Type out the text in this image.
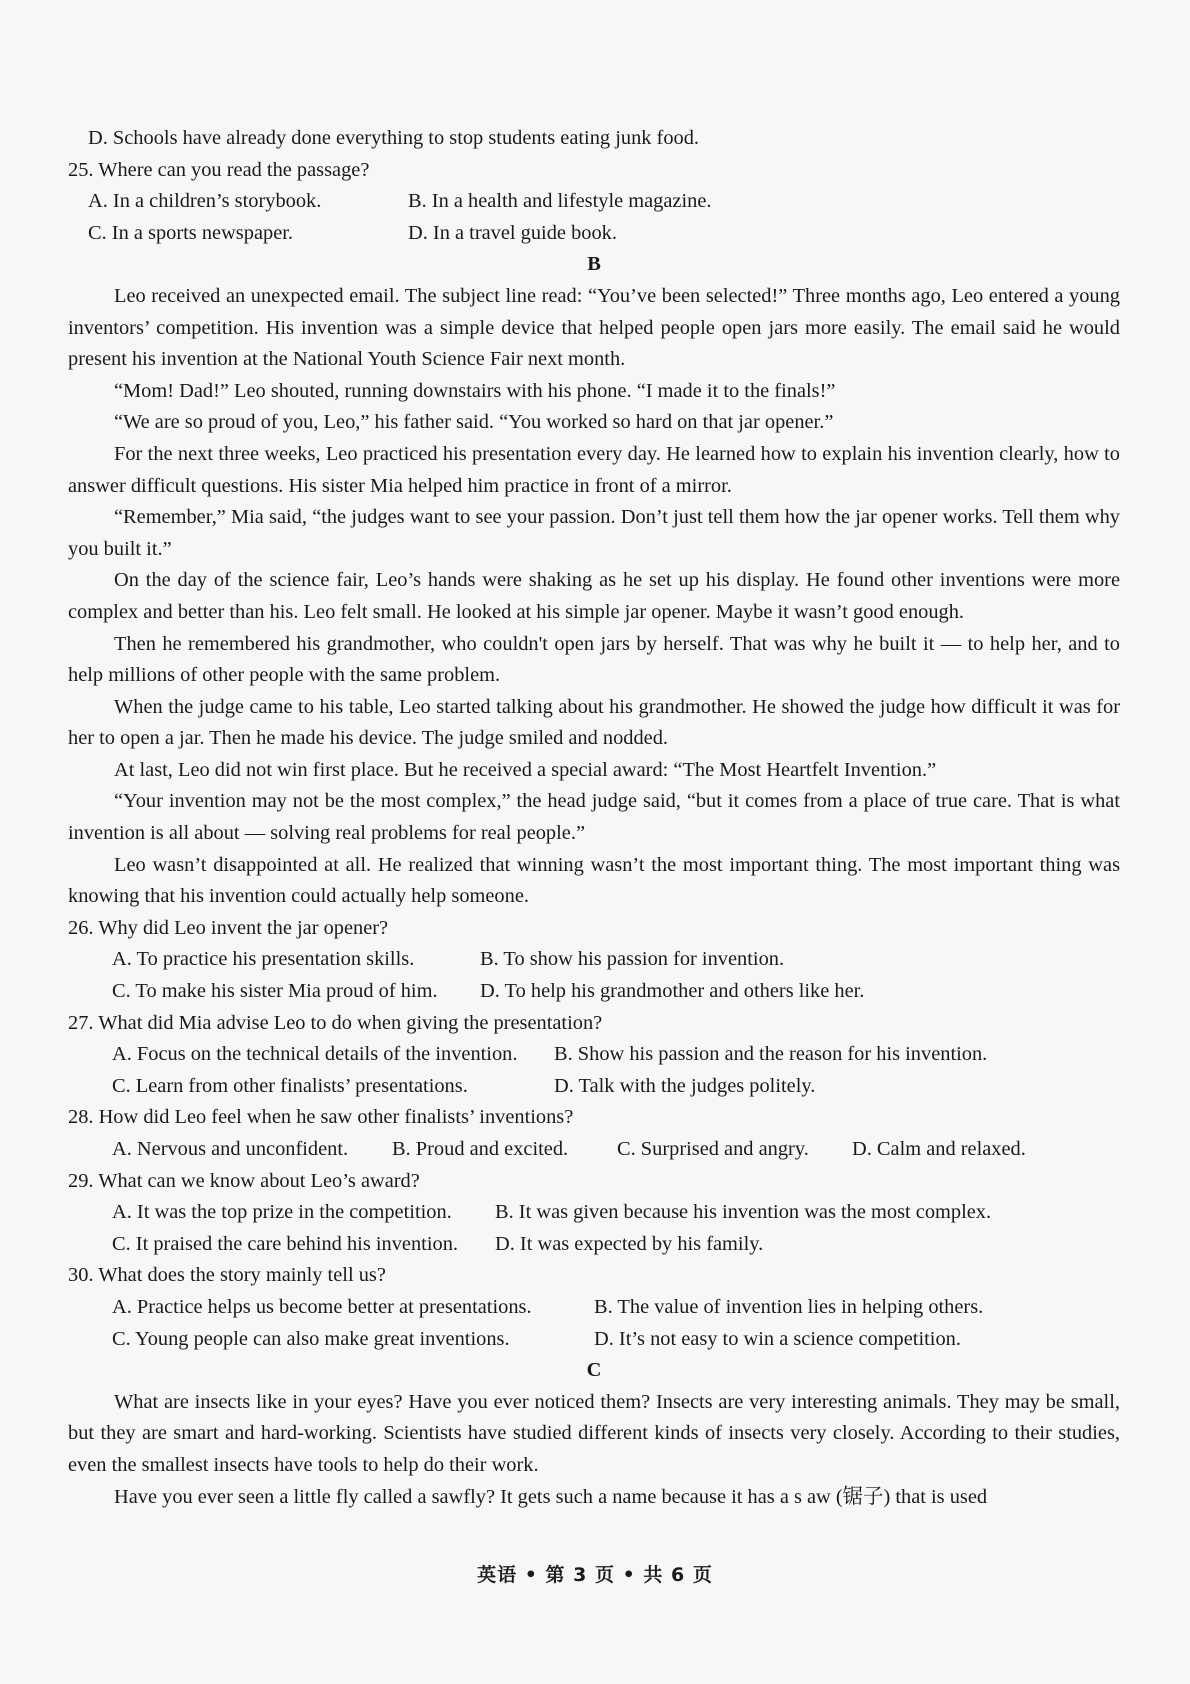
D. Schools have already done everything to stop students eating junk food.
25. Where can you read the passage?
A. In a children’s storybook.	B. In a health and lifestyle magazine.
C. In a sports newspaper.	D. In a travel guide book.
B

Leo received an unexpected email. The subject line read: “You’ve been selected!” Three months ago, Leo entered a young inventors’ competition. His invention was a simple device that helped people open jars more easily. The email said he would present his invention at the National Youth Science Fair next month.

“Mom! Dad!” Leo shouted, running downstairs with his phone. “I made it to the finals!”

“We are so proud of you, Leo,” his father said. “You worked so hard on that jar opener.”

For the next three weeks, Leo practiced his presentation every day. He learned how to explain his invention clearly, how to answer difficult questions. His sister Mia helped him practice in front of a mirror.

“Remember,” Mia said, “the judges want to see your passion. Don’t just tell them how the jar opener works. Tell them why you built it.”

On the day of the science fair, Leo’s hands were shaking as he set up his display. He found other inventions were more complex and better than his. Leo felt small. He looked at his simple jar opener. Maybe it wasn’t good enough.

Then he remembered his grandmother, who couldn't open jars by herself. That was why he built it — to help her, and to help millions of other people with the same problem.

When the judge came to his table, Leo started talking about his grandmother. He showed the judge how difficult it was for her to open a jar. Then he made his device. The judge smiled and nodded.

At last, Leo did not win first place. But he received a special award: “The Most Heartfelt Invention.”

“Your invention may not be the most complex,” the head judge said, “but it comes from a place of true care. That is what invention is all about — solving real problems for real people.”

Leo wasn’t disappointed at all. He realized that winning wasn’t the most important thing. The most important thing was knowing that his invention could actually help someone.

26. Why did Leo invent the jar opener?
A. To practice his presentation skills.	B. To show his passion for invention.
C. To make his sister Mia proud of him.	D. To help his grandmother and others like her.
27. What did Mia advise Leo to do when giving the presentation?
A. Focus on the technical details of the invention.	B. Show his passion and the reason for his invention.
C. Learn from other finalists’ presentations.	D. Talk with the judges politely.
28. How did Leo feel when he saw other finalists’ inventions?
A. Nervous and unconfident.	B. Proud and excited.	C. Surprised and angry.	D. Calm and relaxed.
29. What can we know about Leo’s award?
A. It was the top prize in the competition.	B. It was given because his invention was the most complex.
C. It praised the care behind his invention.	D. It was expected by his family.
30. What does the story mainly tell us?
A. Practice helps us become better at presentations.	B. The value of invention lies in helping others.
C. Young people can also make great inventions.	D. It’s not easy to win a science competition.
C

What are insects like in your eyes? Have you ever noticed them? Insects are very interesting animals. They may be small, but they are smart and hard-working. Scientists have studied different kinds of insects very closely. According to their studies, even the smallest insects have tools to help do their work.

Have you ever seen a little fly called a sawfly? It gets such a name because it has a s aw (锯子) that is used

英语 • 第 3 页 • 共 6 页
